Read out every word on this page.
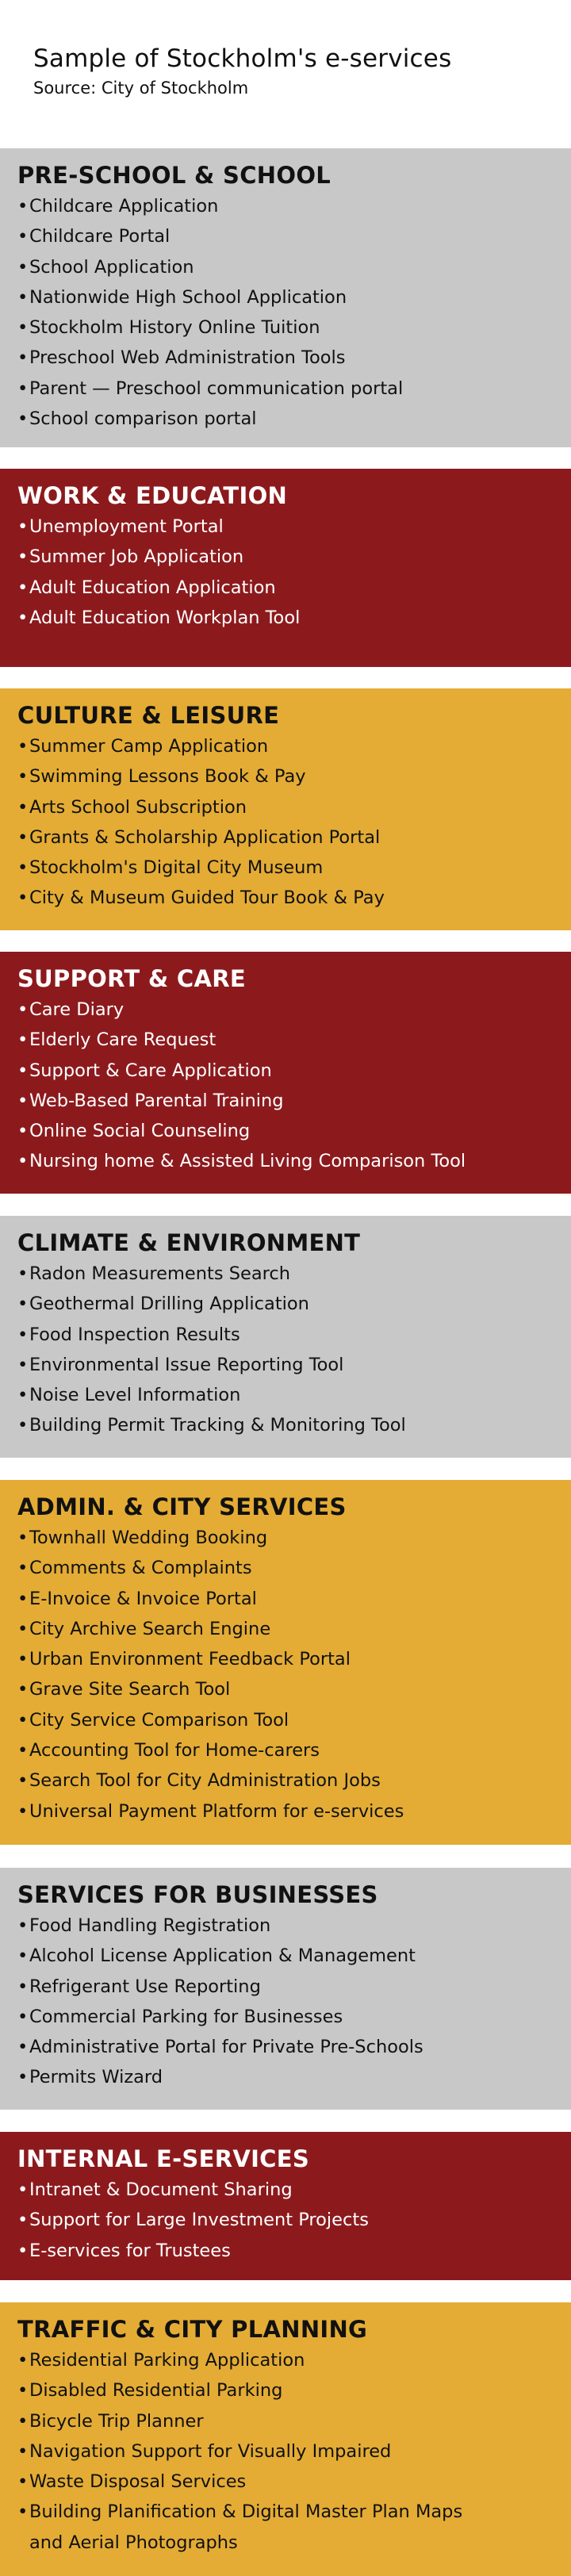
Sample of Stockholm's e-services
Source: City of Stockholm
PRE-SCHOOL & SCHOOL
•Childcare Application
•Childcare Portal
•School Application
•Nationwide High School Application
•Stockholm History Online Tuition
•Preschool Web Administration Tools
•Parent — Preschool communication portal
•School comparison portal
WORK & EDUCATION
•Unemployment Portal
•Summer Job Application
•Adult Education Application
•Adult Education Workplan Tool
CULTURE & LEISURE
•Summer Camp Application
•Swimming Lessons Book & Pay
•Arts School Subscription
•Grants & Scholarship Application Portal
•Stockholm's Digital City Museum
•City & Museum Guided Tour Book & Pay
SUPPORT & CARE
•Care Diary
•Elderly Care Request
•Support & Care Application
•Web-Based Parental Training
•Online Social Counseling
•Nursing home & Assisted Living Comparison Tool
CLIMATE & ENVIRONMENT
•Radon Measurements Search
•Geothermal Drilling Application
•Food Inspection Results
•Environmental Issue Reporting Tool
•Noise Level Information
•Building Permit Tracking & Monitoring Tool
ADMIN. & CITY SERVICES
•Townhall Wedding Booking
•Comments & Complaints
•E-Invoice & Invoice Portal
•City Archive Search Engine
•Urban Environment Feedback Portal
•Grave Site Search Tool
•City Service Comparison Tool
•Accounting Tool for Home-carers
•Search Tool for City Administration Jobs
•Universal Payment Platform for e-services
SERVICES FOR BUSINESSES
•Food Handling Registration
•Alcohol License Application & Management
•Refrigerant Use Reporting
•Commercial Parking for Businesses
•Administrative Portal for Private Pre-Schools
•Permits Wizard
INTERNAL E-SERVICES
•Intranet & Document Sharing
•Support for Large Investment Projects
•E-services for Trustees
TRAFFIC & CITY PLANNING
•Residential Parking Application
•Disabled Residential Parking
•Bicycle Trip Planner
•Navigation Support for Visually Impaired
•Waste Disposal Services
•Building Planification & Digital Master Plan Maps
and Aerial Photographs
